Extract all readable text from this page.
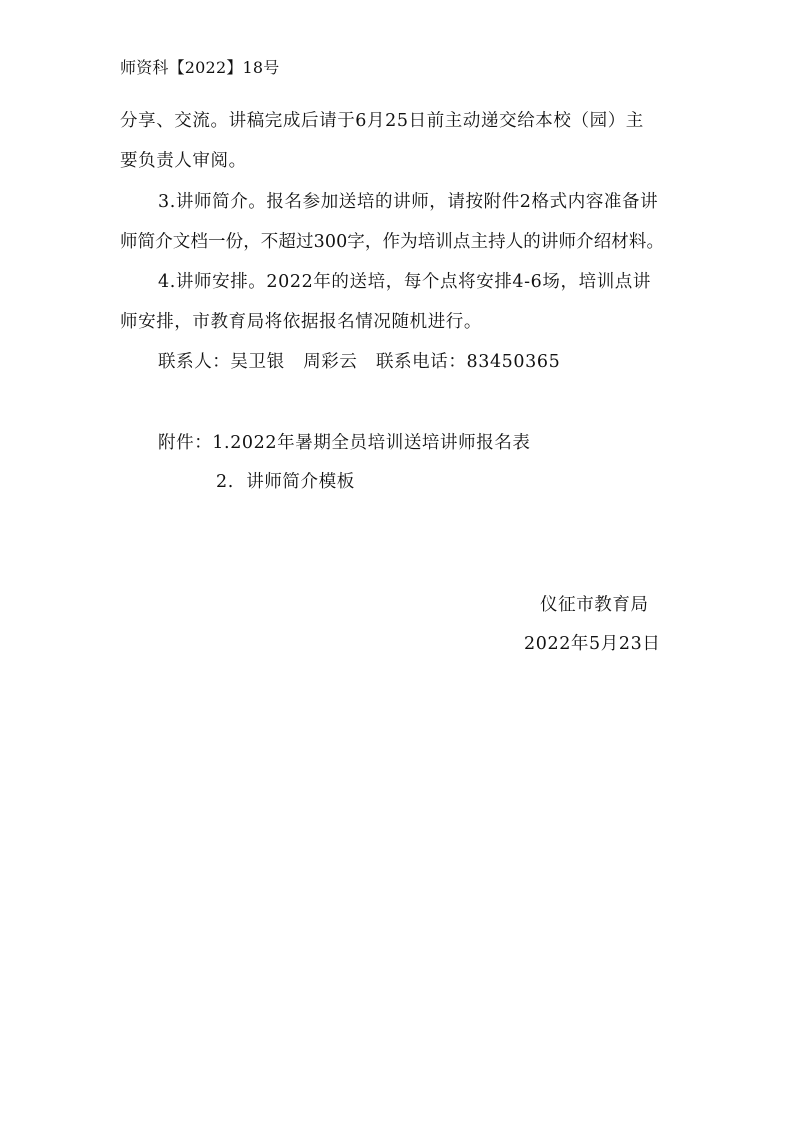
师资科【2022】18号
分享、交流。讲稿完成后请于6月25日前主动递交给本校（园）主
要负责人审阅。
3.讲师简介。报名参加送培的讲师，请按附件2格式内容准备讲
师简介文档一份，不超过300字，作为培训点主持人的讲师介绍材料。
4.讲师安排。2022年的送培，每个点将安排4-6场，培训点讲
师安排，市教育局将依据报名情况随机进行。
联系人：吴卫银   周彩云   联系电话：83450365
附件：1.2022年暑期全员培训送培讲师报名表
2.  讲师简介模板
仪征市教育局
2022年5月23日
